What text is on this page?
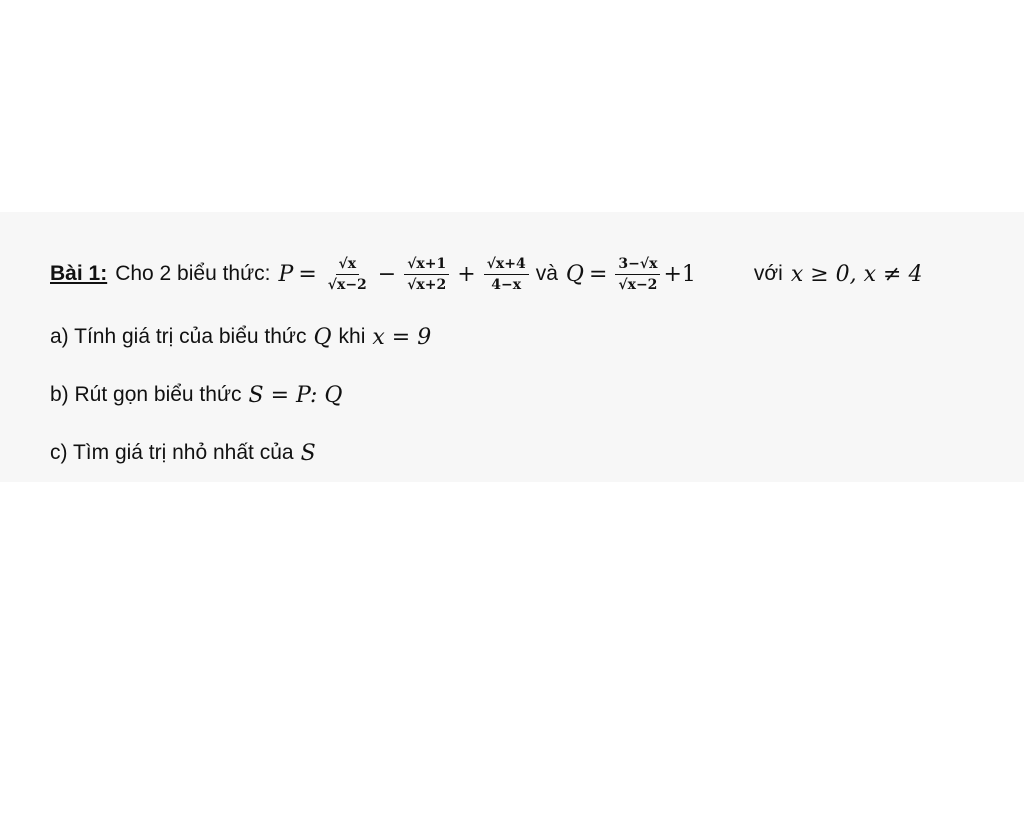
Bài 1: Cho 2 biểu thức: $P = \frac{√x}{√x-2} - \frac{√x+1}{√x+2} + \frac{√x+4}{4-x}$ và $Q = \frac{3-√x}{√x-2} +1$	với x ≥ 0, x ≠ 4
a) Tính giá trị của biểu thức Q khi x = 9
b) Rút gọn biểu thức S = P: Q
c) Tìm giá trị nhỏ nhất của S
